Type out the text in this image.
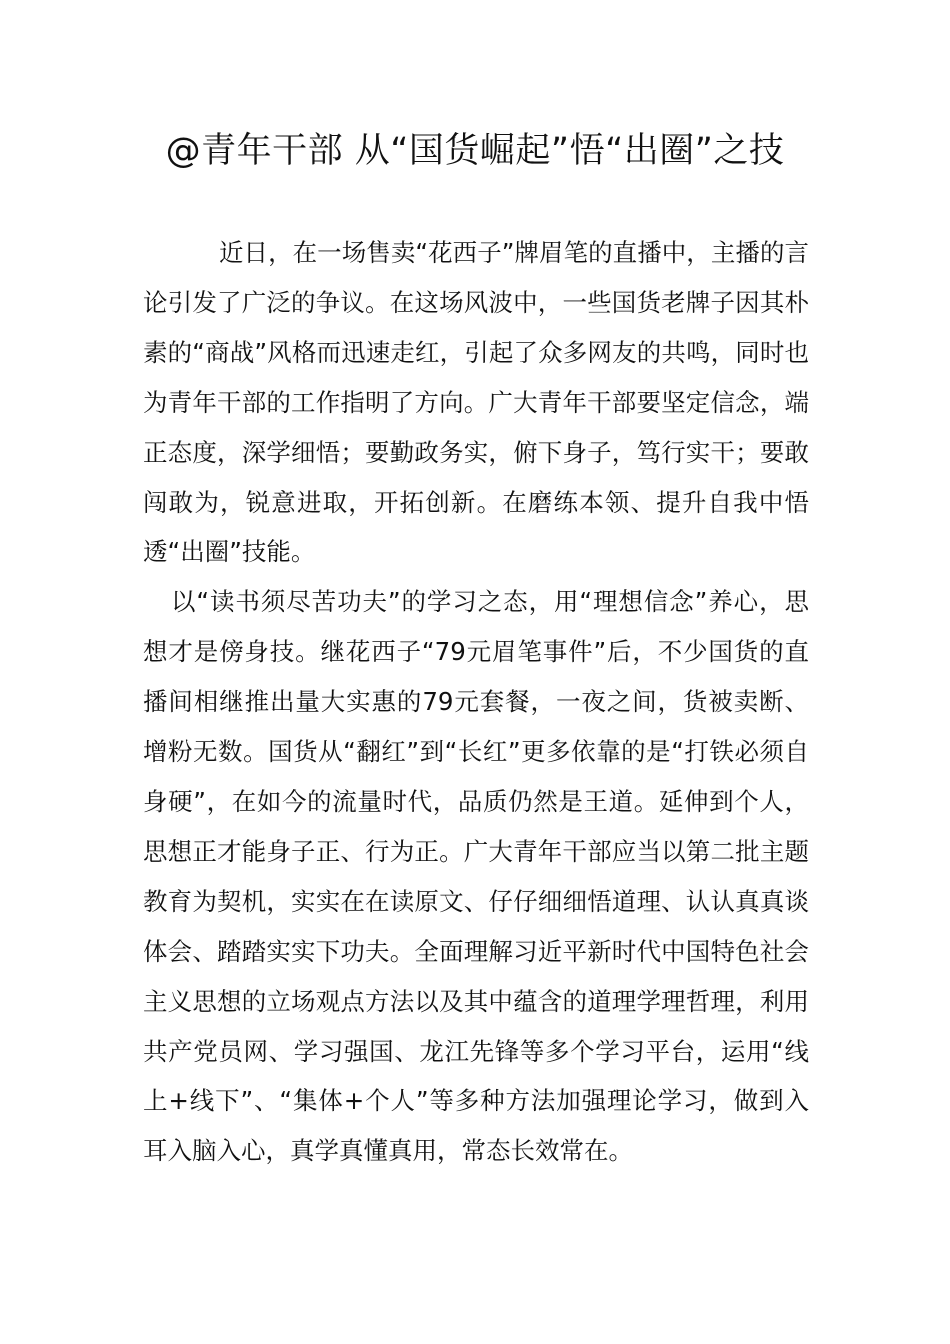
@青年干部 从“国货崛起”悟“出圈”之技

近日，在一场售卖“花西子”牌眉笔的直播中，主播的言论引发了广泛的争议。在这场风波中，一些国货老牌子因其朴素的“商战”风格而迅速走红，引起了众多网友的共鸣，同时也为青年干部的工作指明了方向。广大青年干部要坚定信念，端正态度，深学细悟；要勤政务实，俯下身子，笃行实干；要敢闯敢为，锐意进取，开拓创新。在磨练本领、提升自我中悟透“出圈”技能。

以“读书须尽苦功夫”的学习之态，用“理想信念”养心，思想才是傍身技。继花西子“79元眉笔事件”后，不少国货的直播间相继推出量大实惠的79元套餐，一夜之间，货被卖断、增粉无数。国货从“翻红”到“长红”更多依靠的是“打铁必须自身硬”，在如今的流量时代，品质仍然是王道。延伸到个人，思想正才能身子正、行为正。广大青年干部应当以第二批主题教育为契机，实实在在读原文、仔仔细细悟道理、认认真真谈体会、踏踏实实下功夫。全面理解习近平新时代中国特色社会主义思想的立场观点方法以及其中蕴含的道理学理哲理，利用共产党员网、学习强国、龙江先锋等多个学习平台，运用“线上+线下”、“集体+个人”等多种方法加强理论学习，做到入耳入脑入心，真学真懂真用，常态长效常在。
